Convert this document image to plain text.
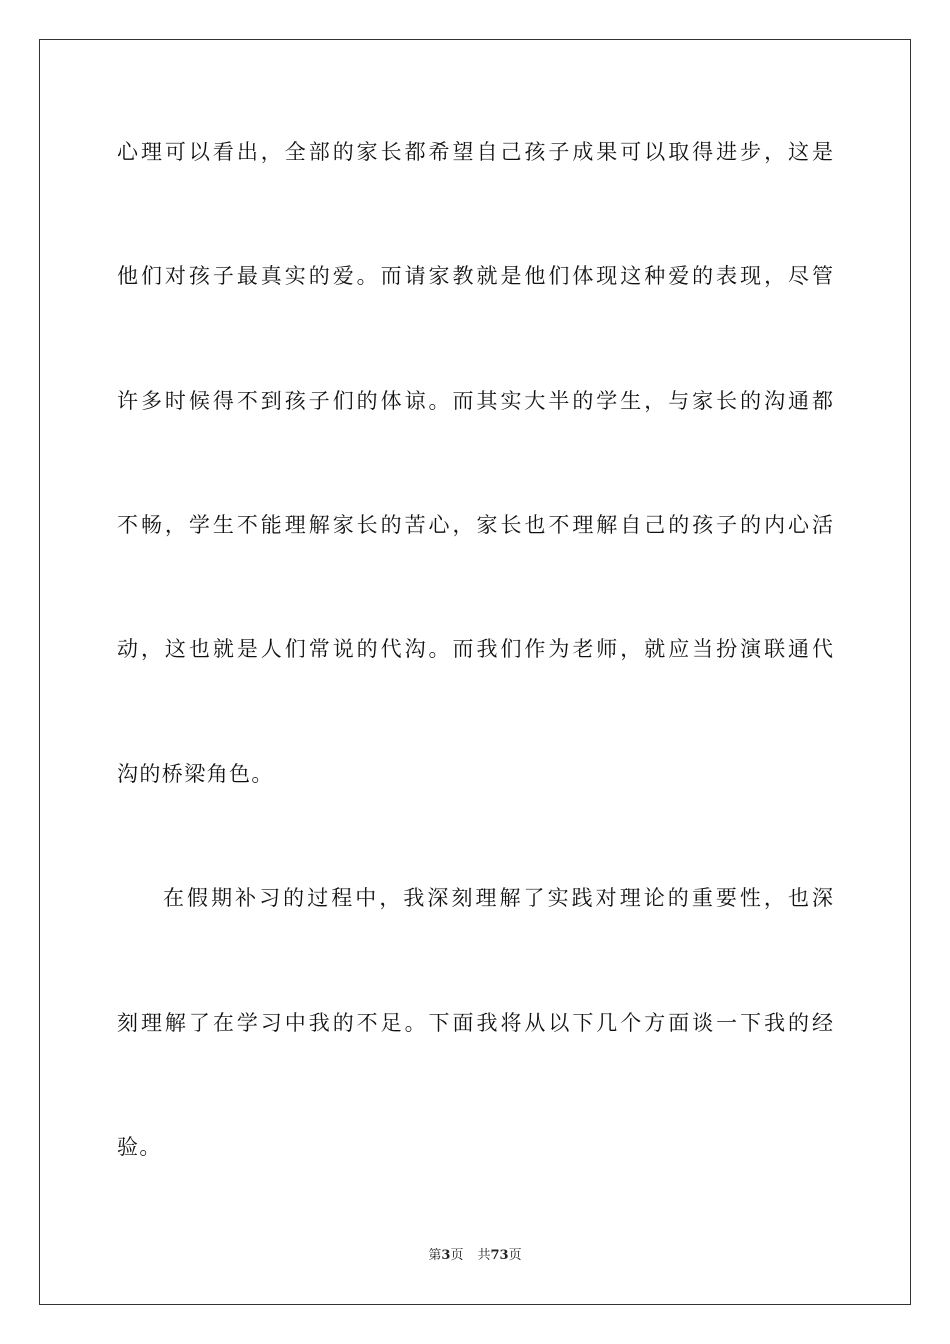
心理可以看出，全部的家长都希望自己孩子成果可以取得进步，这是
他们对孩子最真实的爱。而请家教就是他们体现这种爱的表现，尽管
许多时候得不到孩子们的体谅。而其实大半的学生，与家长的沟通都
不畅，学生不能理解家长的苦心，家长也不理解自己的孩子的内心活
动，这也就是人们常说的代沟。而我们作为老师，就应当扮演联通代
沟的桥梁角色。
在假期补习的过程中，我深刻理解了实践对理论的重要性，也深
刻理解了在学习中我的不足。下面我将从以下几个方面谈一下我的经
验。
第3页 共73页
